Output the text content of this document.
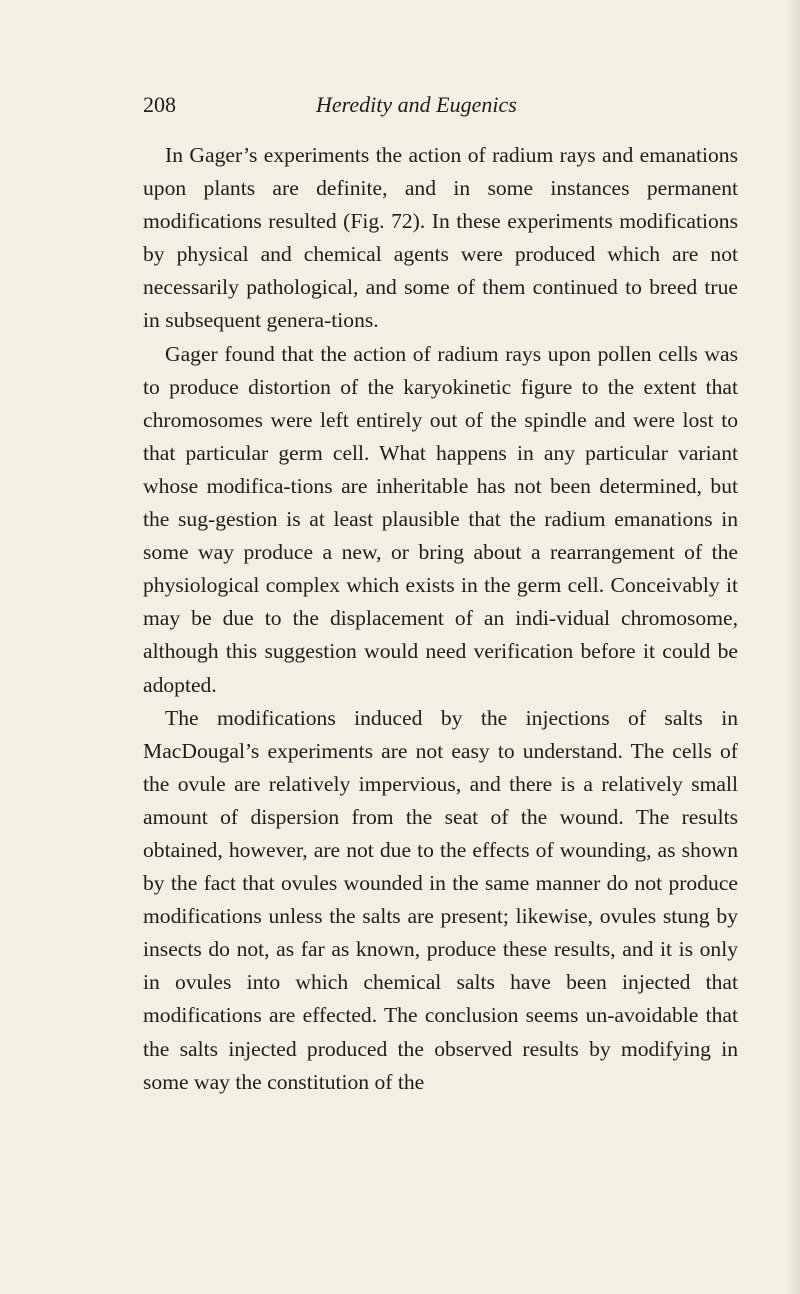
208	Heredity and Eugenics

In Gager’s experiments the action of radium rays and emanations upon plants are definite, and in some instances permanent modifications resulted (Fig. 72). In these experiments modifications by physical and chemical agents were produced which are not necessarily pathological, and some of them continued to breed true in subsequent genera-tions.

Gager found that the action of radium rays upon pollen cells was to produce distortion of the karyokinetic figure to the extent that chromosomes were left entirely out of the spindle and were lost to that particular germ cell. What happens in any particular variant whose modifica-tions are inheritable has not been determined, but the sug-gestion is at least plausible that the radium emanations in some way produce a new, or bring about a rearrangement of the physiological complex which exists in the germ cell. Conceivably it may be due to the displacement of an indi-vidual chromosome, although this suggestion would need verification before it could be adopted.

The modifications induced by the injections of salts in MacDougal’s experiments are not easy to understand. The cells of the ovule are relatively impervious, and there is a relatively small amount of dispersion from the seat of the wound. The results obtained, however, are not due to the effects of wounding, as shown by the fact that ovules wounded in the same manner do not produce modifications unless the salts are present; likewise, ovules stung by insects do not, as far as known, produce these results, and it is only in ovules into which chemical salts have been injected that modifications are effected. The conclusion seems un-avoidable that the salts injected produced the observed results by modifying in some way the constitution of the
